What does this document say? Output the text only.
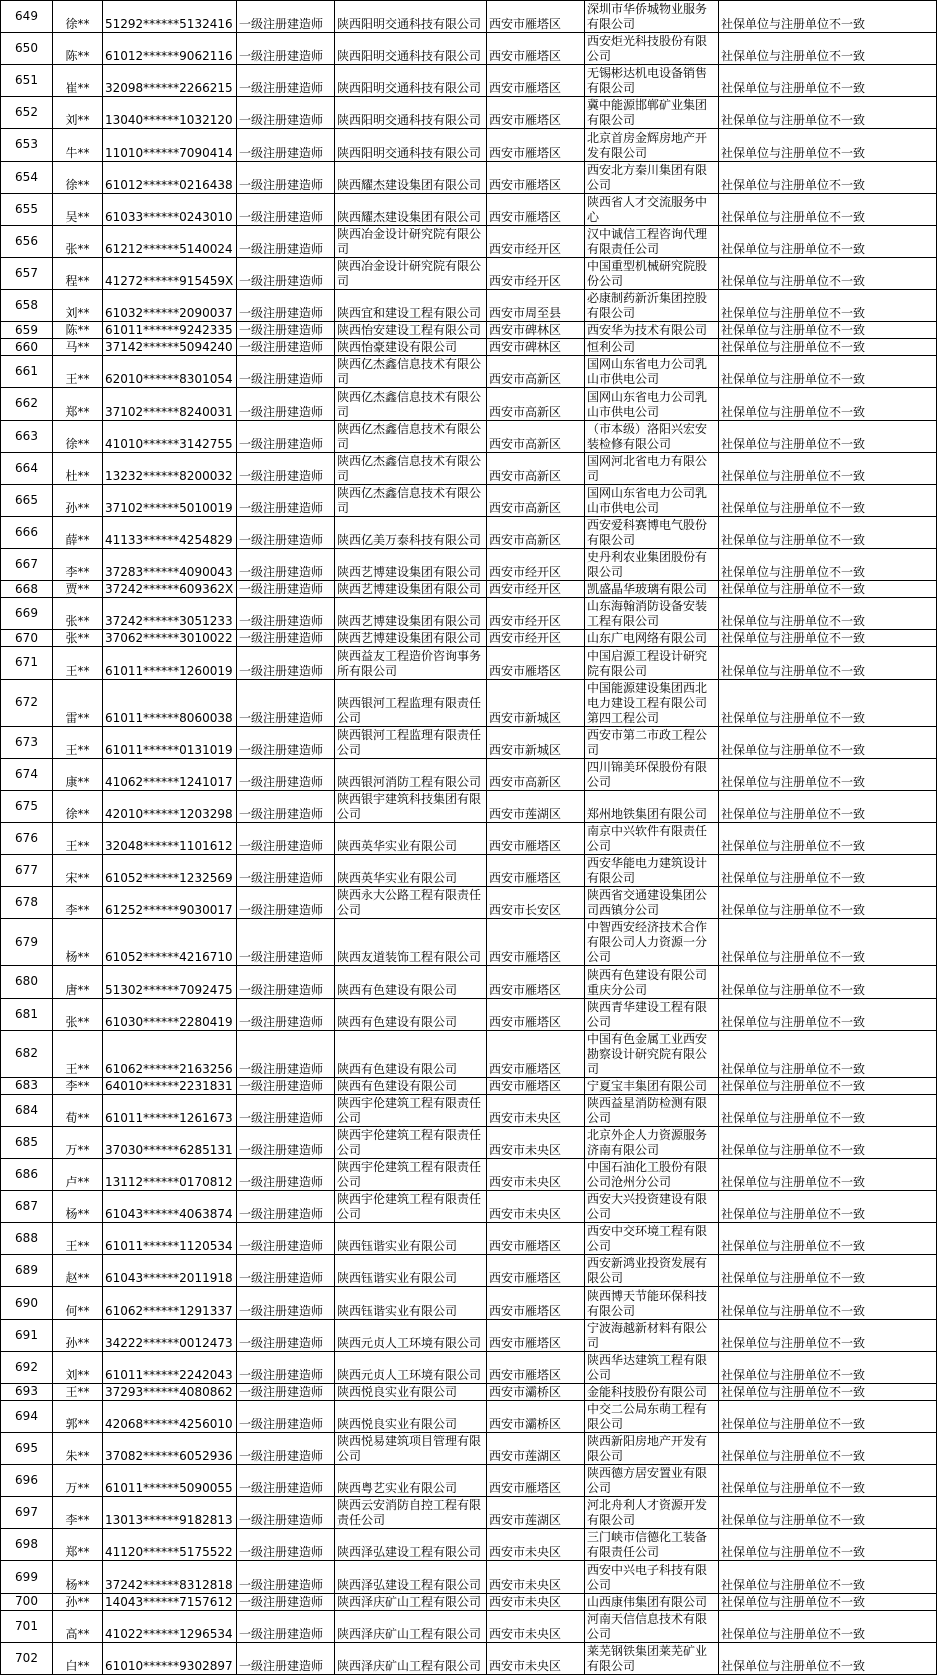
649	徐**	51292******5132416	一级注册建造师	陕西阳明交通科技有限公司	西安市雁塔区	深圳市华侨城物业服务有限公司	社保单位与注册单位不一致
650	陈**	61012******9062116	一级注册建造师	陕西阳明交通科技有限公司	西安市雁塔区	西安炬光科技股份有限公司	社保单位与注册单位不一致
651	崔**	32098******2266215	一级注册建造师	陕西阳明交通科技有限公司	西安市雁塔区	无锡彬达机电设备销售有限公司	社保单位与注册单位不一致
652	刘**	13040******1032120	一级注册建造师	陕西阳明交通科技有限公司	西安市雁塔区	冀中能源邯郸矿业集团有限公司	社保单位与注册单位不一致
653	牛**	11010******7090414	一级注册建造师	陕西阳明交通科技有限公司	西安市雁塔区	北京首房金辉房地产开发有限公司	社保单位与注册单位不一致
654	徐**	61012******0216438	一级注册建造师	陕西耀杰建设集团有限公司	西安市雁塔区	西安北方秦川集团有限公司	社保单位与注册单位不一致
655	吴**	61033******0243010	一级注册建造师	陕西耀杰建设集团有限公司	西安市雁塔区	陕西省人才交流服务中心	社保单位与注册单位不一致
656	张**	61212******5140024	一级注册建造师	陕西冶金设计研究院有限公司	西安市经开区	汉中诚信工程咨询代理有限责任公司	社保单位与注册单位不一致
657	程**	41272******915459X	一级注册建造师	陕西冶金设计研究院有限公司	西安市经开区	中国重型机械研究院股份公司	社保单位与注册单位不一致
658	刘**	61032******2090037	一级注册建造师	陕西宜和建设工程有限公司	西安市周至县	必康制药新沂集团控股有限公司	社保单位与注册单位不一致
659	陈**	61011******9242335	一级注册建造师	陕西怡安建设工程有限公司	西安市碑林区	西安华为技术有限公司	社保单位与注册单位不一致
660	马**	37142******5094240	一级注册建造师	陕西怡豪建设有限公司	西安市碑林区	恒利公司	社保单位与注册单位不一致
661	王**	62010******8301054	一级注册建造师	陕西亿杰鑫信息技术有限公司	西安市高新区	国网山东省电力公司乳山市供电公司	社保单位与注册单位不一致
662	郑**	37102******8240031	一级注册建造师	陕西亿杰鑫信息技术有限公司	西安市高新区	国网山东省电力公司乳山市供电公司	社保单位与注册单位不一致
663	徐**	41010******3142755	一级注册建造师	陕西亿杰鑫信息技术有限公司	西安市高新区	（市本级）洛阳兴宏安装检修有限公司	社保单位与注册单位不一致
664	杜**	13232******8200032	一级注册建造师	陕西亿杰鑫信息技术有限公司	西安市高新区	国网河北省电力有限公司	社保单位与注册单位不一致
665	孙**	37102******5010019	一级注册建造师	陕西亿杰鑫信息技术有限公司	西安市高新区	国网山东省电力公司乳山市供电公司	社保单位与注册单位不一致
666	薛**	41133******4254829	一级注册建造师	陕西亿美万泰科技有限公司	西安市高新区	西安爱科赛博电气股份有限公司	社保单位与注册单位不一致
667	李**	37283******4090043	一级注册建造师	陕西艺博建设集团有限公司	西安市经开区	史丹利农业集团股份有限公司	社保单位与注册单位不一致
668	贾**	37242******609362X	一级注册建造师	陕西艺博建设集团有限公司	西安市经开区	凯盛晶华玻璃有限公司	社保单位与注册单位不一致
669	张**	37242******3051233	一级注册建造师	陕西艺博建设集团有限公司	西安市经开区	山东海翰消防设备安装工程有限公司	社保单位与注册单位不一致
670	张**	37062******3010022	一级注册建造师	陕西艺博建设集团有限公司	西安市经开区	山东广电网络有限公司	社保单位与注册单位不一致
671	王**	61011******1260019	一级注册建造师	陕西益友工程造价咨询事务所有限公司	西安市雁塔区	中国启源工程设计研究院有限公司	社保单位与注册单位不一致
672	雷**	61011******8060038	一级注册建造师	陕西银河工程监理有限责任公司	西安市新城区	中国能源建设集团西北电力建设工程有限公司第四工程公司	社保单位与注册单位不一致
673	王**	61011******0131019	一级注册建造师	陕西银河工程监理有限责任公司	西安市新城区	西安市第二市政工程公司	社保单位与注册单位不一致
674	康**	41062******1241017	一级注册建造师	陕西银河消防工程有限公司	西安市高新区	四川锦美环保股份有限公司	社保单位与注册单位不一致
675	徐**	42010******1203298	一级注册建造师	陕西银宇建筑科技集团有限公司	西安市莲湖区	郑州地铁集团有限公司	社保单位与注册单位不一致
676	王**	32048******1101612	一级注册建造师	陕西英华实业有限公司	西安市雁塔区	南京中兴软件有限责任公司	社保单位与注册单位不一致
677	宋**	61052******1232569	一级注册建造师	陕西英华实业有限公司	西安市雁塔区	西安华能电力建筑设计有限公司	社保单位与注册单位不一致
678	李**	61252******9030017	一级注册建造师	陕西永大公路工程有限责任公司	西安市长安区	陕西省交通建设集团公司西镇分公司	社保单位与注册单位不一致
679	杨**	61052******4216710	一级注册建造师	陕西友道装饰工程有限公司	西安市雁塔区	中智西安经济技术合作有限公司人力资源一分公司	社保单位与注册单位不一致
680	唐**	51302******7092475	一级注册建造师	陕西有色建设有限公司	西安市雁塔区	陕西有色建设有限公司重庆分公司	社保单位与注册单位不一致
681	张**	61030******2280419	一级注册建造师	陕西有色建设有限公司	西安市雁塔区	陕西青华建设工程有限公司	社保单位与注册单位不一致
682	王**	61062******2163256	一级注册建造师	陕西有色建设有限公司	西安市雁塔区	中国有色金属工业西安勘察设计研究院有限公司	社保单位与注册单位不一致
683	李**	64010******2231831	一级注册建造师	陕西有色建设有限公司	西安市雁塔区	宁夏宝丰集团有限公司	社保单位与注册单位不一致
684	荀**	61011******1261673	一级注册建造师	陕西宇伦建筑工程有限责任公司	西安市未央区	陕西益星消防检测有限公司	社保单位与注册单位不一致
685	万**	37030******6285131	一级注册建造师	陕西宇伦建筑工程有限责任公司	西安市未央区	北京外企人力资源服务济南有限公司	社保单位与注册单位不一致
686	卢**	13112******0170812	一级注册建造师	陕西宇伦建筑工程有限责任公司	西安市未央区	中国石油化工股份有限公司沧州分公司	社保单位与注册单位不一致
687	杨**	61043******4063874	一级注册建造师	陕西宇伦建筑工程有限责任公司	西安市未央区	西安大兴投资建设有限公司	社保单位与注册单位不一致
688	王**	61011******1120534	一级注册建造师	陕西钰谐实业有限公司	西安市雁塔区	西安中交环境工程有限公司	社保单位与注册单位不一致
689	赵**	61043******2011918	一级注册建造师	陕西钰谐实业有限公司	西安市雁塔区	西安新鸿业投资发展有限公司	社保单位与注册单位不一致
690	何**	61062******1291337	一级注册建造师	陕西钰谐实业有限公司	西安市雁塔区	陕西博天节能环保科技有限公司	社保单位与注册单位不一致
691	孙**	34222******0012473	一级注册建造师	陕西元贞人工环境有限公司	西安市雁塔区	宁波海越新材料有限公司	社保单位与注册单位不一致
692	刘**	61011******2242043	一级注册建造师	陕西元贞人工环境有限公司	西安市雁塔区	陕西华达建筑工程有限公司	社保单位与注册单位不一致
693	王**	37293******4080862	一级注册建造师	陕西悦良实业有限公司	西安市灞桥区	金能科技股份有限公司	社保单位与注册单位不一致
694	郭**	42068******4256010	一级注册建造师	陕西悦良实业有限公司	西安市灞桥区	中交二公局东萌工程有限公司	社保单位与注册单位不一致
695	朱**	37082******6052936	一级注册建造师	陕西悦易建筑项目管理有限公司	西安市莲湖区	陕西新阳房地产开发有限公司	社保单位与注册单位不一致
696	万**	61011******5090055	一级注册建造师	陕西粤艺实业有限公司	西安市雁塔区	陕西德方居安置业有限公司	社保单位与注册单位不一致
697	李**	13013******9182813	一级注册建造师	陕西云安消防自控工程有限责任公司	西安市莲湖区	河北舟利人才资源开发有限公司	社保单位与注册单位不一致
698	郑**	41120******5175522	一级注册建造师	陕西泽弘建设工程有限公司	西安市未央区	三门峡市信德化工装备有限责任公司	社保单位与注册单位不一致
699	杨**	37242******8312818	一级注册建造师	陕西泽弘建设工程有限公司	西安市未央区	西安中兴电子科技有限公司	社保单位与注册单位不一致
700	孙**	14043******7157612	一级注册建造师	陕西泽庆矿山工程有限公司	西安市未央区	山西康伟集团有限公司	社保单位与注册单位不一致
701	高**	41022******1296534	一级注册建造师	陕西泽庆矿山工程有限公司	西安市未央区	河南天信信息技术有限公司	社保单位与注册单位不一致
702	白**	61010******9302897	一级注册建造师	陕西泽庆矿山工程有限公司	西安市未央区	莱芜钢铁集团莱芜矿业有限公司	社保单位与注册单位不一致
